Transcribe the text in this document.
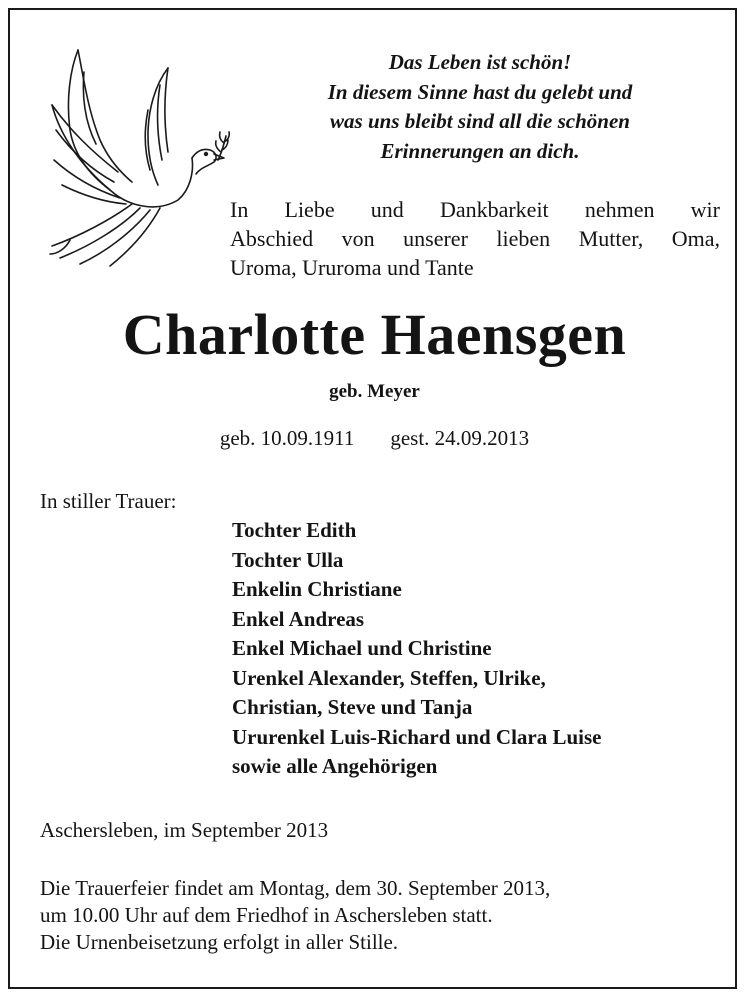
Das Leben ist schön!
In diesem Sinne hast du gelebt und
was uns bleibt sind all die schönen
Erinnerungen an dich.
In Liebe und Dankbarkeit nehmen wir
Abschied von unserer lieben Mutter, Oma,
Uroma, Ururoma und Tante
Charlotte Haensgen
geb. Meyer
geb. 10.09.1911 gest. 24.09.2013
In stiller Trauer:
Tochter Edith
Tochter Ulla
Enkelin Christiane
Enkel Andreas
Enkel Michael und Christine
Urenkel Alexander, Steffen, Ulrike,
Christian, Steve und Tanja
Ururenkel Luis-Richard und Clara Luise
sowie alle Angehörigen
Aschersleben, im September 2013
Die Trauerfeier findet am Montag, dem 30. September 2013,
um 10.00 Uhr auf dem Friedhof in Aschersleben statt.
Die Urnenbeisetzung erfolgt in aller Stille.
